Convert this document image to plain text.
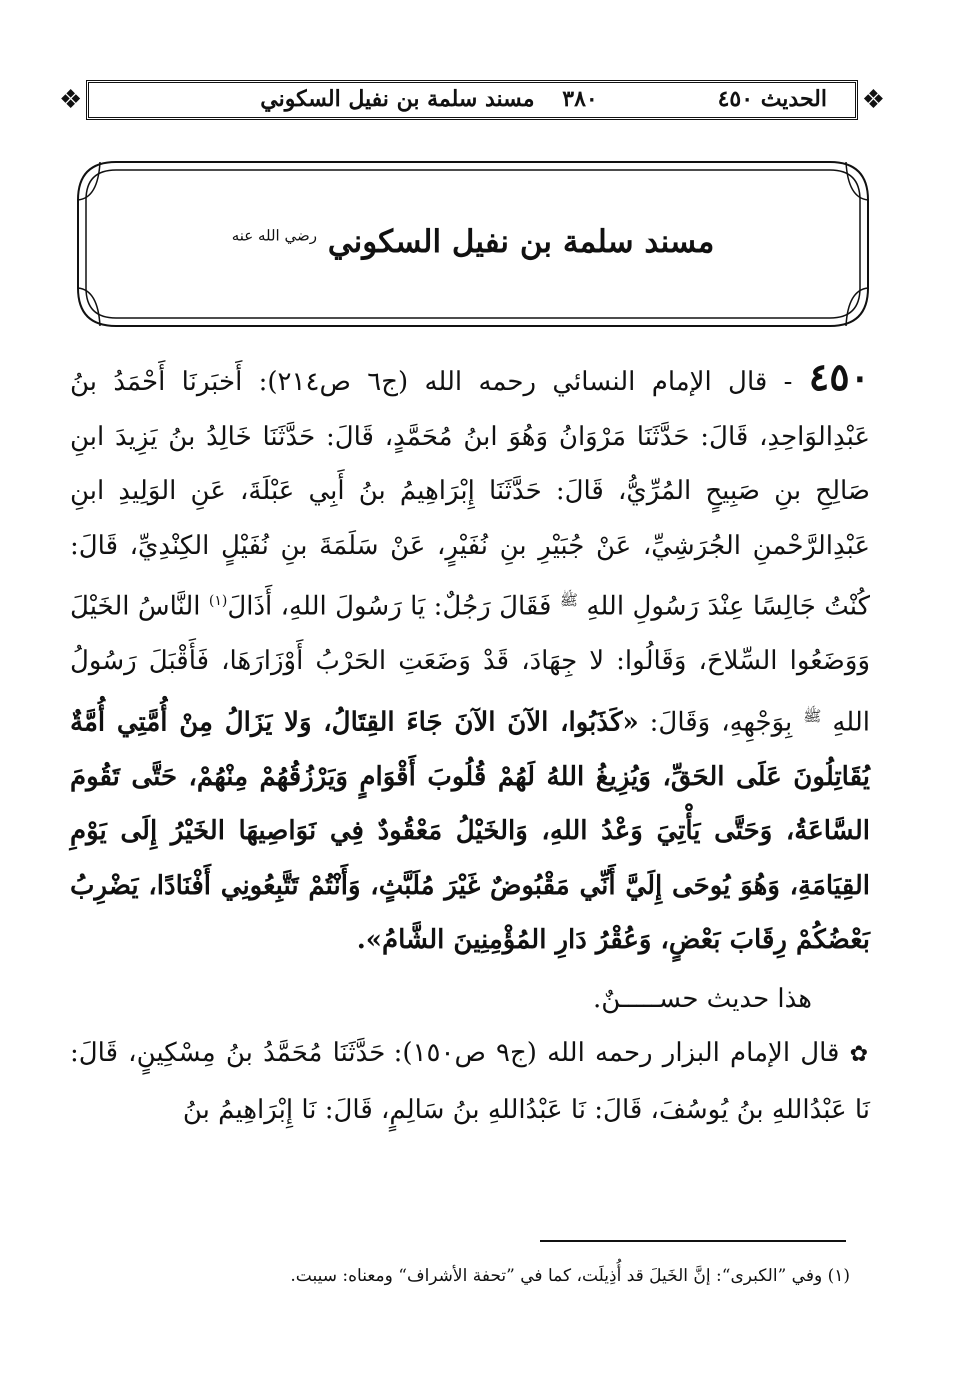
❖	الحديث ٤٥٠
٣٨٠ مسند سلمة بن نفيل السكوني	❖
مسند سلمة بن نفيل السكوني $^{رضي الله عنه}$

٤٥٠ - قال الإمام النسائي رحمه الله (ج٦ ص٢١٤): أَخبَرنَا أَحْمَدُ بنُ عَبْدِالوَاحِدِ، قَالَ: حَدَّثَنَا مَرْوَانُ وَهُوَ ابنُ مُحَمَّدٍ، قَالَ: حَدَّثَنَا خَالِدُ بنُ يَزِيدَ ابنِ صَالِحِ بنِ صَبِيحٍ المُرِّيُّ، قَالَ: حَدَّثَنَا إِبْرَاهِيمُ بنُ أَبِي عَبْلَةَ، عَنِ الوَلِيدِ ابنِ عَبْدِالرَّحْمنِ الجُرَشِيِّ، عَنْ جُبَيْرِ بنِ نُفَيْرٍ، عَنْ سَلَمَةَ بنِ نُفَيْلٍ الكِنْدِيِّ، قَالَ: كُنْتُ جَالِسًا عِنْدَ رَسُولِ اللهِ $^ﷺ$ فَقَالَ رَجُلٌ: يَا رَسُولَ اللهِ، أَذَالَ$^{(١)}$ النَّاسُ الخَيْلَ وَوَضَعُوا السِّلاحَ، وَقَالُوا: لا جِهَادَ، قَدْ وَضَعَتِ الحَرْبُ أَوْزَارَهَا، فَأَقْبَلَ رَسُولُ اللهِ $^ﷺ$ بِوَجْهِهِ، وَقَالَ: «كَذَبُوا، الآنَ الآنَ جَاءَ القِتَالُ، وَلا يَزَالُ مِنْ أُمَّتِي أُمَّةٌ يُقَاتِلُونَ عَلَى الحَقِّ، وَيُزِيغُ اللهُ لَهُمْ قُلُوبَ أَقْوَامٍ وَيَرْزُقُهُمْ مِنْهُمْ، حَتَّى تَقُومَ السَّاعَةُ، وَحَتَّى يَأْتِيَ وَعْدُ اللهِ، وَالخَيْلُ مَعْقُودٌ فِي نَوَاصِيهَا الخَيْرُ إِلَى يَوْمِ القِيَامَةِ، وَهُوَ يُوحَى إِلَيَّ أَنِّي مَقْبُوضٌ غَيْرَ مُلَبَّثٍ، وَأَنْتُمْ تَتَّبِعُونِي أَفْنَادًا، يَضْرِبُ بَعْضُكُمْ رِقَابَ بَعْضٍ، وَعُقْرُ دَارِ المُؤْمِنِينَ الشَّامُ».

هذا حديث حســـــنٌ.

✿ قال الإمام البزار رحمه الله (ج٩ ص١٥٠): حَدَّثَنَا مُحَمَّدُ بنُ مِسْكِينٍ، قَالَ: نَا عَبْدُاللهِ بنُ يُوسُفَ، قَالَ: نَا عَبْدُاللهِ بنُ سَالِمٍ، قَالَ: نَا إِبْرَاهِيمُ بنُ

(١) وفي ”الكبرى“: إنَّ الخَيلَ قد أُذِيلَت، كما في ”تحفة الأشراف“ ومعناه: سيبت.
